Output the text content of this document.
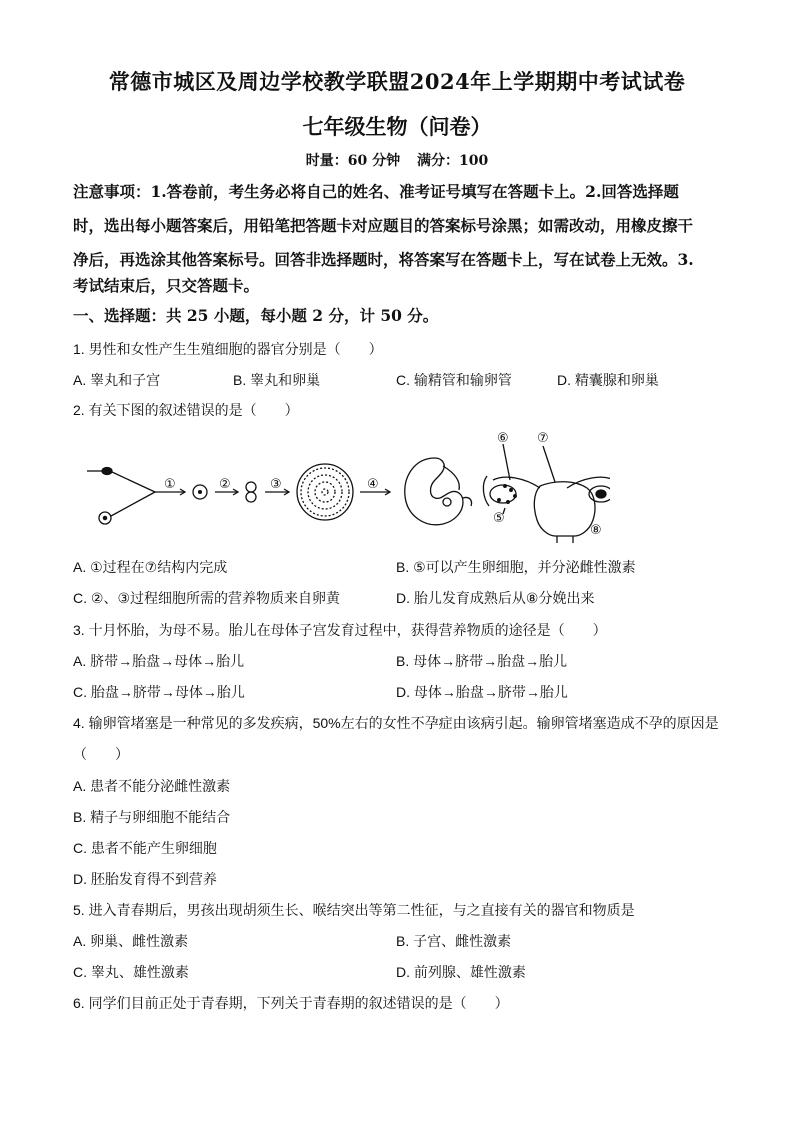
常德市城区及周边学校教学联盟2024年上学期期中考试试卷
七年级生物（问卷）
时量：60 分钟 满分：100
注意事项：1.答卷前，考生务必将自己的姓名、准考证号填写在答题卡上。2.回答选择题
时，选出每小题答案后，用铅笔把答题卡对应题目的答案标号涂黑；如需改动，用橡皮擦干
净后，再选涂其他答案标号。回答非选择题时，将答案写在答题卡上，写在试卷上无效。3.
考试结束后，只交答题卡。
一、选择题：共 25 小题，每小题 2 分，计 50 分。
1. 男性和女性产生生殖细胞的器官分别是（　　）
A. 睾丸和子宫	B. 睾丸和卵巢	C. 输精管和输卵管	D. 精囊腺和卵巢
2. 有关下图的叙述错误的是（　　）
①	②	③	④
⑤
⑥ ⑦
⑧
A. ①过程在⑦结构内完成	B. ⑤可以产生卵细胞，并分泌雌性激素
C. ②、③过程细胞所需的营养物质来自卵黄	D. 胎儿发育成熟后从⑧分娩出来
3. 十月怀胎，为母不易。胎儿在母体子宫发育过程中，获得营养物质的途径是（　　）
A. 脐带→胎盘→母体→胎儿	B. 母体→脐带→胎盘→胎儿
C. 胎盘→脐带→母体→胎儿	D. 母体→胎盘→脐带→胎儿
4. 输卵管堵塞是一种常见的多发疾病，50%左右的女性不孕症由该病引起。输卵管堵塞造成不孕的原因是
（　　）
A. 患者不能分泌雌性激素
B. 精子与卵细胞不能结合
C. 患者不能产生卵细胞
D. 胚胎发育得不到营养
5. 进入青春期后，男孩出现胡须生长、喉结突出等第二性征，与之直接有关的器官和物质是
A. 卵巢、雌性激素	B. 子宫、雌性激素
C. 睾丸、雄性激素	D. 前列腺、雄性激素
6. 同学们目前正处于青春期，下列关于青春期的叙述错误的是（　　）
